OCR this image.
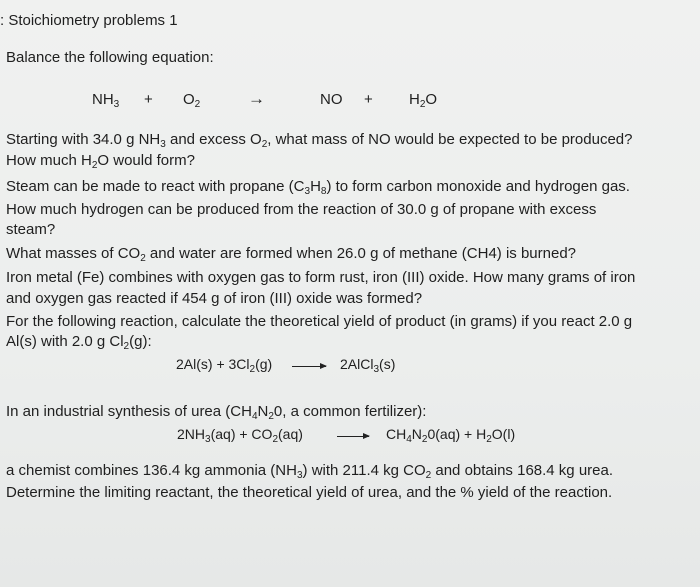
: Stoichiometry problems 1
Balance the following equation:
$NH_3 + O_2$	→	NO + $H_2O$
Starting with 34.0 g $NH_3$ and excess $O_2$, what mass of NO would be expected to be produced?
How much $H_2O$ would form?
Steam can be made to react with propane $(C_3H_8)$ to form carbon monoxide and hydrogen gas.
How much hydrogen can be produced from the reaction of 30.0 g of propane with excess
steam?
What masses of $CO_2$ and water are formed when 26.0 g of methane (CH4) is burned?
Iron metal (Fe) combines with oxygen gas to form rust, iron (III) oxide. How many grams of iron
and oxygen gas reacted if 454 g of iron (III) oxide was formed?
For the following reaction, calculate the theoretical yield of product (in grams) if you react 2.0 g
Al(s) with 2.0 g $Cl_2(g)$:
$2Al(s) + 3Cl_2(g)$	2AlCl$_3$(s)
In an industrial synthesis of urea ($CH_4N_20$, a common fertilizer):
$2NH_3(aq) + CO_2(aq)$	$CH_4N_20(aq) + H_2O(l)$
a chemist combines 136.4 kg ammonia $(NH_3)$ with 211.4 kg $CO_2$ and obtains 168.4 kg urea.
Determine the limiting reactant, the theoretical yield of urea, and the % yield of the reaction.
